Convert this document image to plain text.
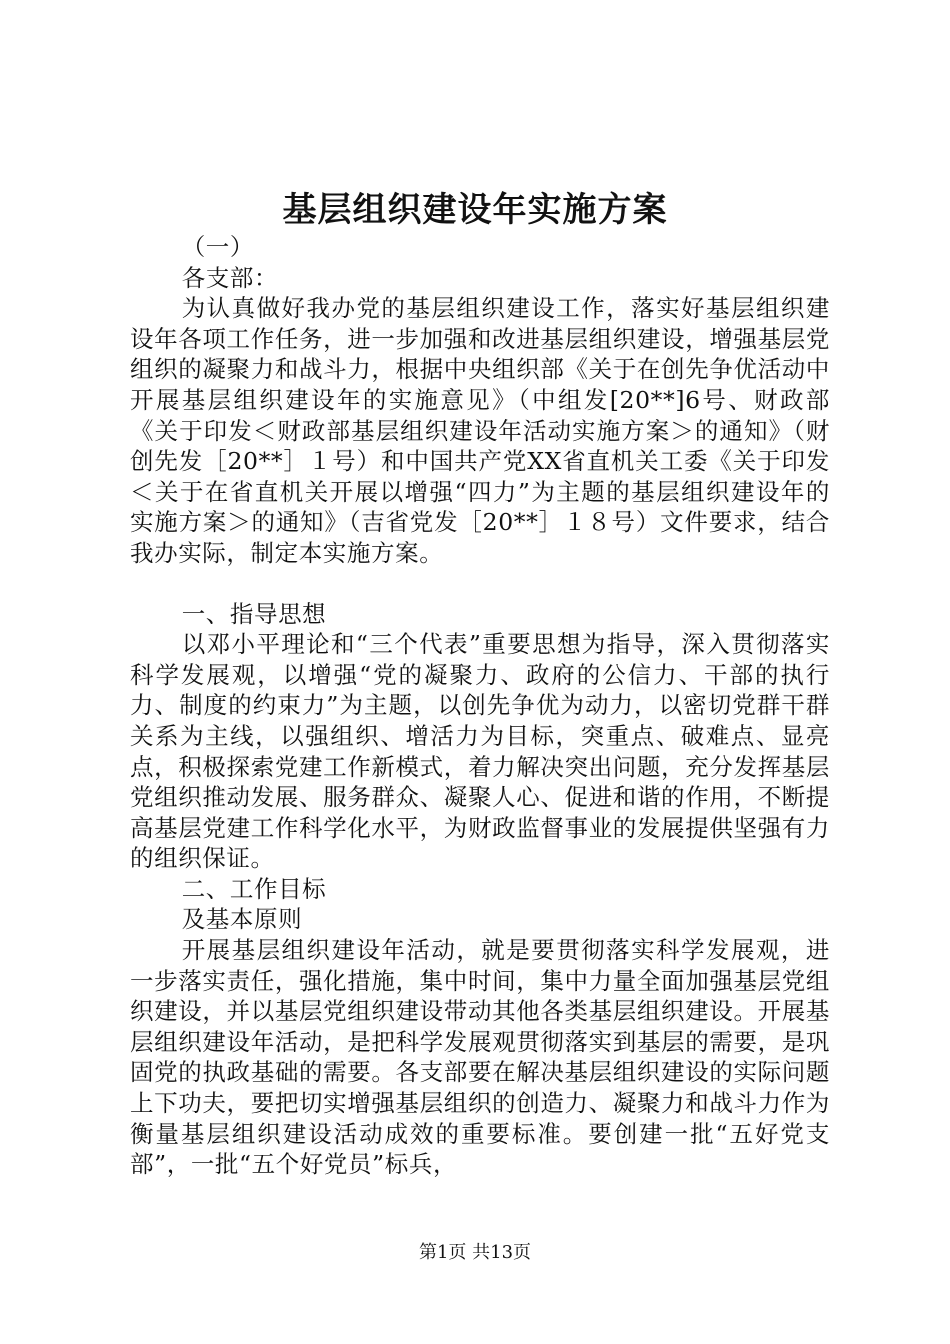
基层组织建设年实施方案

（一）

各支部：

为认真做好我办党的基层组织建设工作，落实好基层组织建设年各项工作任务，进一步加强和改进基层组织建设，增强基层党组织的凝聚力和战斗力，根据中央组织部《关于在创先争优活动中开展基层组织建设年的实施意见》（中组发[20**]6号、财政部《关于印发＜财政部基层组织建设年活动实施方案＞的通知》（财创先发［20**］１号）和中国共产党XX省直机关工委《关于印发＜关于在省直机关开展以增强“四力”为主题的基层组织建设年的实施方案＞的通知》（吉省党发［20**］１８号）文件要求，结合我办实际，制定本实施方案。

一、指导思想

以邓小平理论和“三个代表”重要思想为指导，深入贯彻落实科学发展观，以增强“党的凝聚力、政府的公信力、干部的执行力、制度的约束力”为主题，以创先争优为动力，以密切党群干群关系为主线，以强组织、增活力为目标，突重点、破难点、显亮点，积极探索党建工作新模式，着力解决突出问题，充分发挥基层党组织推动发展、服务群众、凝聚人心、促进和谐的作用，不断提高基层党建工作科学化水平，为财政监督事业的发展提供坚强有力的组织保证。

二、工作目标

及基本原则

开展基层组织建设年活动，就是要贯彻落实科学发展观，进一步落实责任，强化措施，集中时间，集中力量全面加强基层党组织建设，并以基层党组织建设带动其他各类基层组织建设。开展基层组织建设年活动，是把科学发展观贯彻落实到基层的需要，是巩固党的执政基础的需要。各支部要在解决基层组织建设的实际问题上下功夫，要把切实增强基层组织的创造力、凝聚力和战斗力作为衡量基层组织建设活动成效的重要标准。要创建一批“五好党支部”，一批“五个好党员”标兵，

第1页 共13页
